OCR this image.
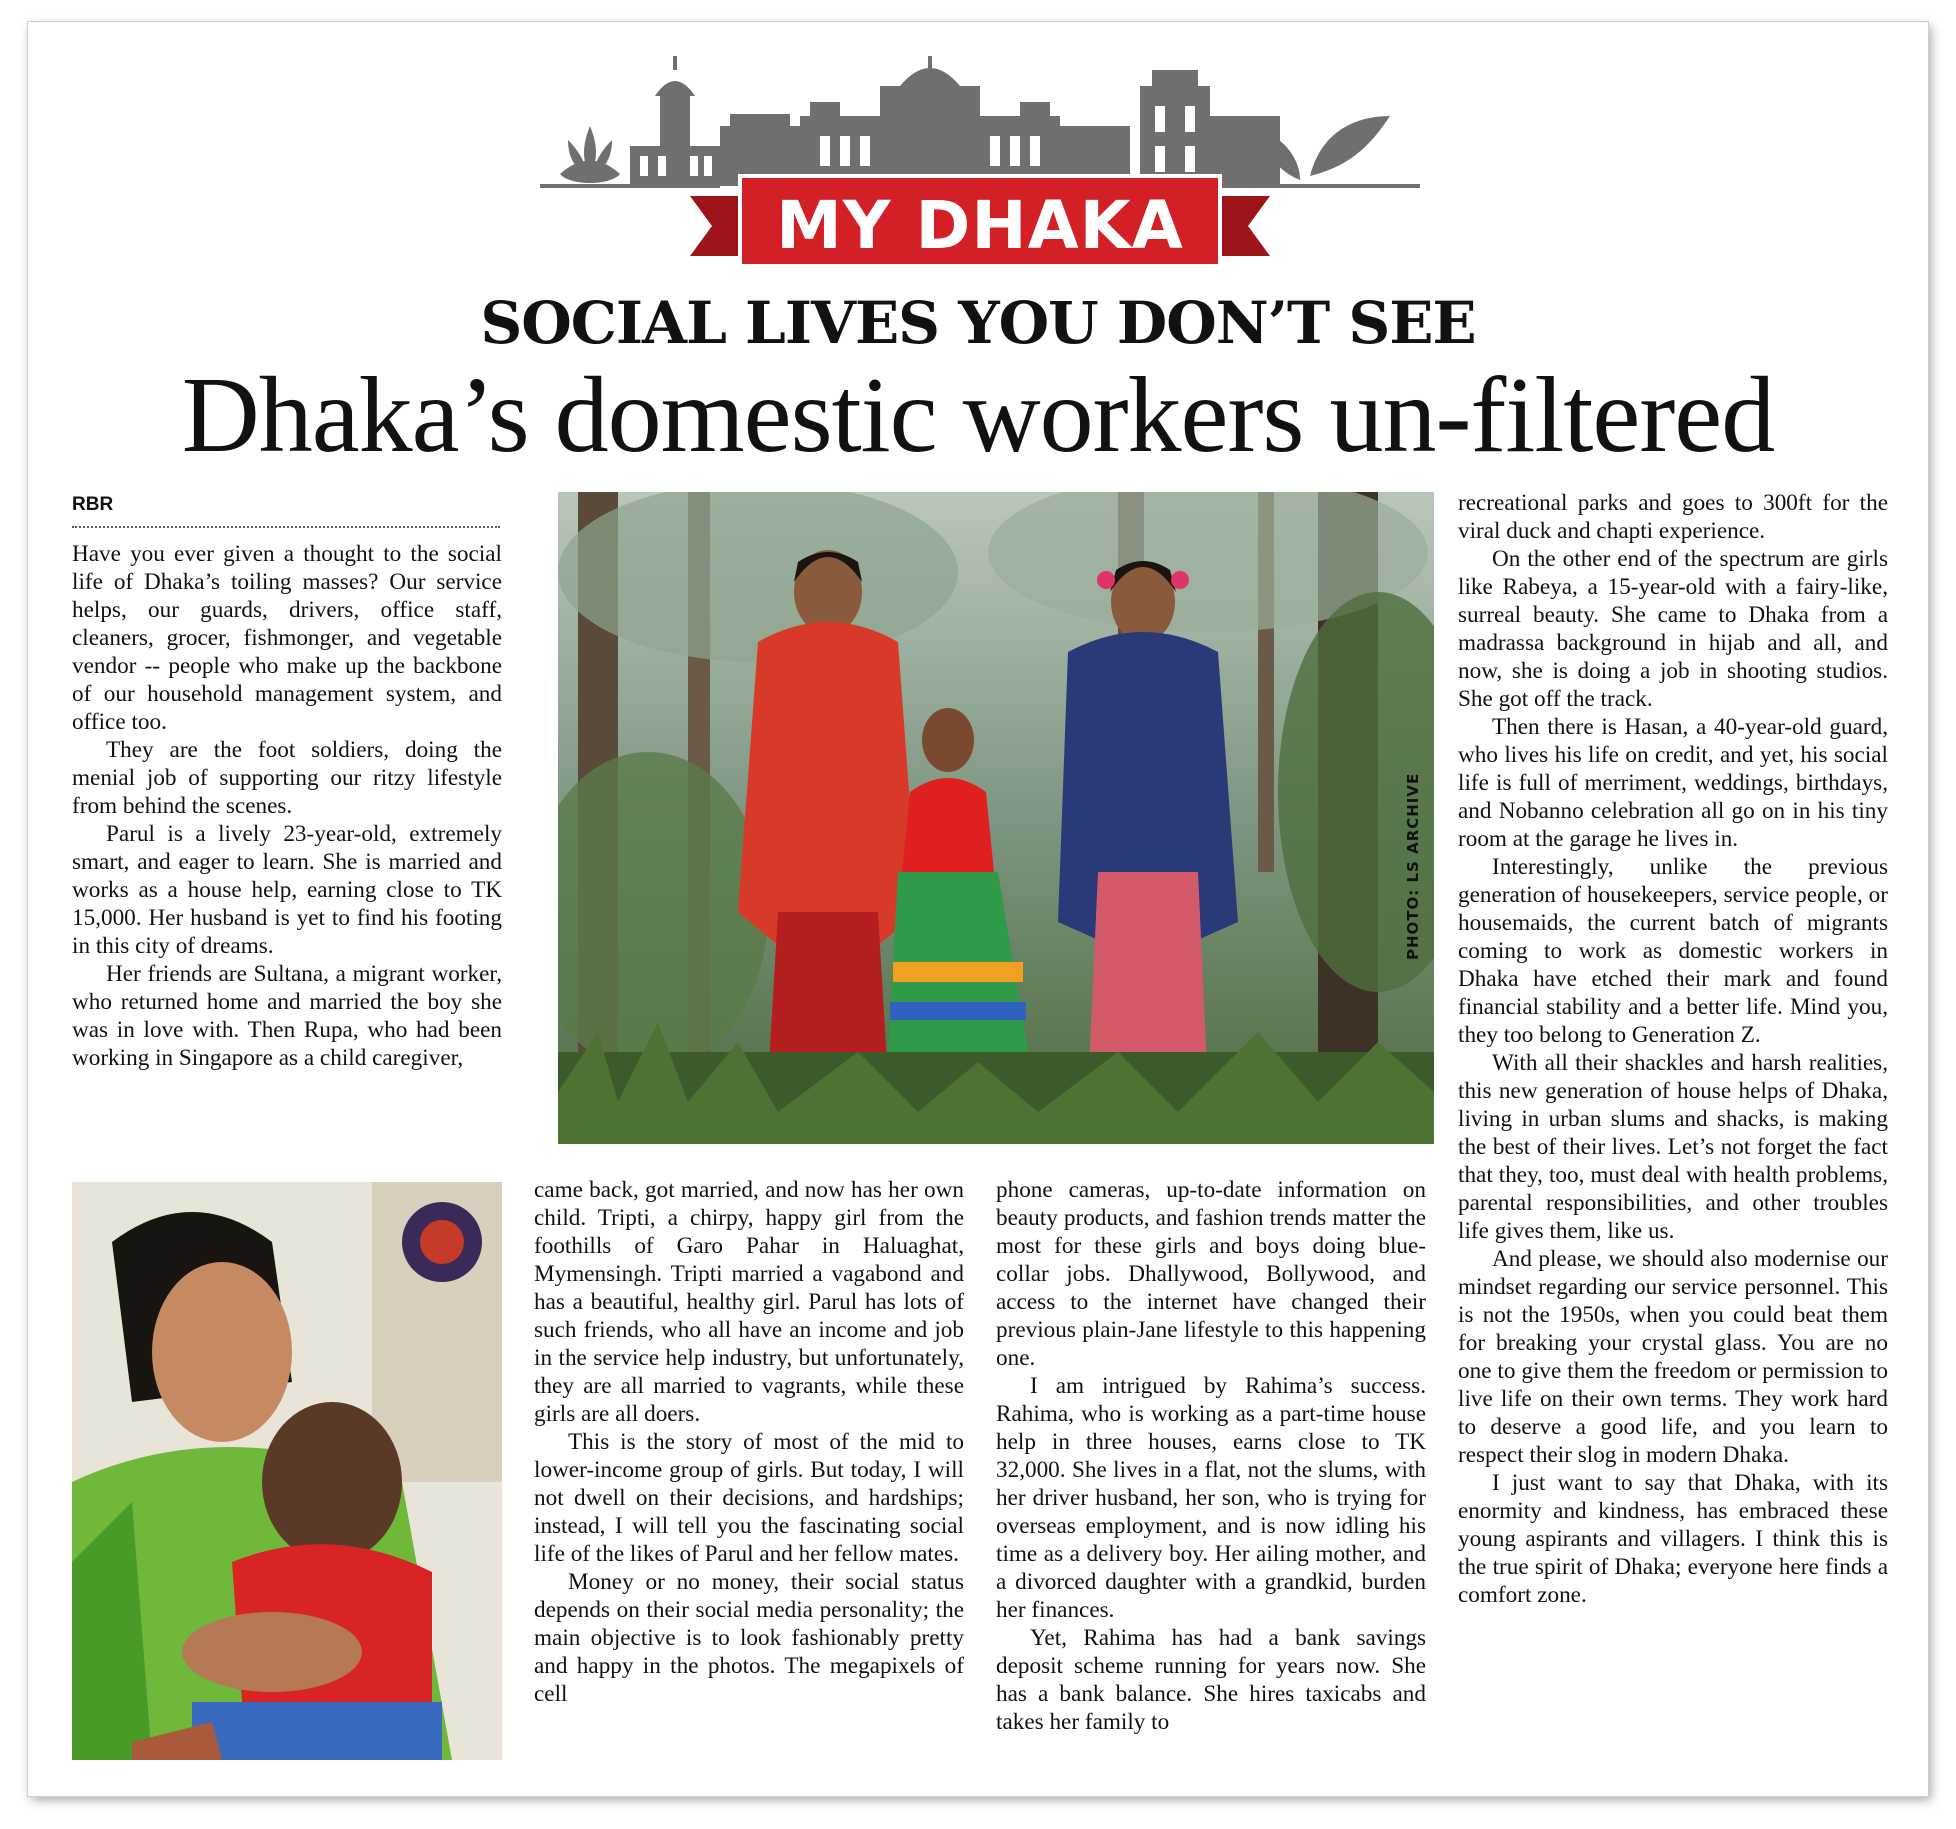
MY DHAKA
SOCIAL LIVES YOU DON’T SEE
Dhaka’s domestic workers un-filtered
RBR

Have you ever given a thought to the social life of Dhaka’s toiling masses? Our service helps, our guards, drivers, office staff, cleaners, grocer, fishmonger, and vegetable vendor -- people who make up the backbone of our household management system, and office too.

They are the foot soldiers, doing the menial job of supporting our ritzy lifestyle from behind the scenes.

Parul is a lively 23-year-old, extremely smart, and eager to learn. She is married and works as a house help, earning close to TK 15,000. Her husband is yet to find his footing in this city of dreams.

Her friends are Sultana, a migrant worker, who returned home and married the boy she was in love with. Then Rupa, who had been working in Singapore as a child caregiver,

PHOTO: LS ARCHIVE

came back, got married, and now has her own child. Tripti, a chirpy, happy girl from the foothills of Garo Pahar in Haluaghat, Mymensingh. Tripti married a vagabond and has a beautiful, healthy girl. Parul has lots of such friends, who all have an income and job in the service help industry, but unfortunately, they are all married to vagrants, while these girls are all doers.

This is the story of most of the mid to lower-income group of girls. But today, I will not dwell on their decisions, and hardships; instead, I will tell you the fascinating social life of the likes of Parul and her fellow mates.

Money or no money, their social status depends on their social media personality; the main objective is to look fashionably pretty and happy in the photos. The megapixels of cell

phone cameras, up-to-date information on beauty products, and fashion trends matter the most for these girls and boys doing blue-collar jobs. Dhallywood, Bollywood, and access to the internet have changed their previous plain-Jane lifestyle to this happening one.

I am intrigued by Rahima’s success. Rahima, who is working as a part-time house help in three houses, earns close to TK 32,000. She lives in a flat, not the slums, with her driver husband, her son, who is trying for overseas employment, and is now idling his time as a delivery boy. Her ailing mother, and a divorced daughter with a grandkid, burden her finances.

Yet, Rahima has had a bank savings deposit scheme running for years now. She has a bank balance. She hires taxicabs and takes her family to

recreational parks and goes to 300ft for the viral duck and chapti experience.

On the other end of the spectrum are girls like Rabeya, a 15-year-old with a fairy-like, surreal beauty. She came to Dhaka from a madrassa background in hijab and all, and now, she is doing a job in shooting studios. She got off the track.

Then there is Hasan, a 40-year-old guard, who lives his life on credit, and yet, his social life is full of merriment, weddings, birthdays, and Nobanno celebration all go on in his tiny room at the garage he lives in.

Interestingly, unlike the previous generation of housekeepers, service people, or housemaids, the current batch of migrants coming to work as domestic workers in Dhaka have etched their mark and found financial stability and a better life. Mind you, they too belong to Generation Z.

With all their shackles and harsh realities, this new generation of house helps of Dhaka, living in urban slums and shacks, is making the best of their lives. Let’s not forget the fact that they, too, must deal with health problems, parental responsibilities, and other troubles life gives them, like us.

And please, we should also modernise our mindset regarding our service personnel. This is not the 1950s, when you could beat them for breaking your crystal glass. You are no one to give them the freedom or permission to live life on their own terms. They work hard to deserve a good life, and you learn to respect their slog in modern Dhaka.

I just want to say that Dhaka, with its enormity and kindness, has embraced these young aspirants and villagers. I think this is the true spirit of Dhaka; everyone here finds a comfort zone.
